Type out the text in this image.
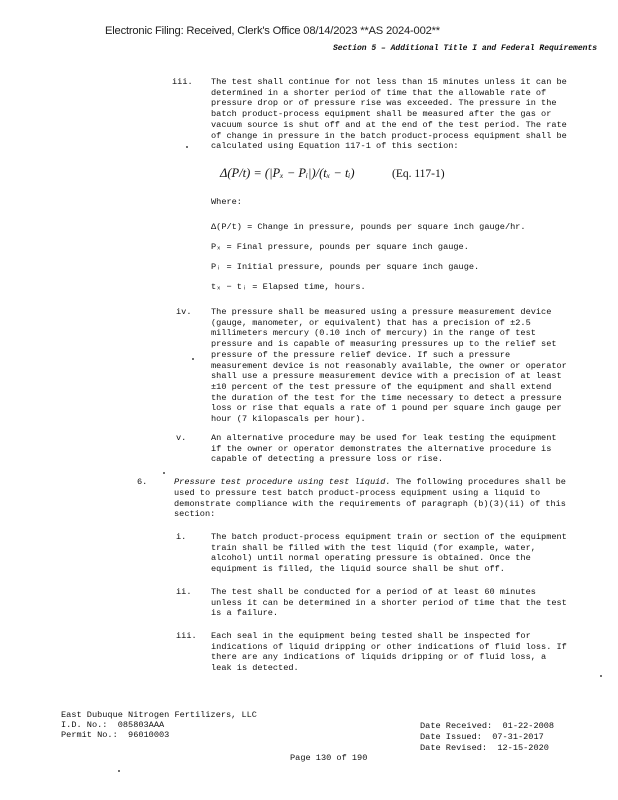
Electronic Filing: Received, Clerk's Office 08/14/2023 **AS 2024-002**
Section 5 – Additional Title I and Federal Requirements
iii. The test shall continue for not less than 15 minutes unless it can be
determined in a shorter period of time that the allowable rate of
pressure drop or of pressure rise was exceeded. The pressure in the
batch product-process equipment shall be measured after the gas or
vacuum source is shut off and at the end of the test period. The rate
of change in pressure in the batch product-process equipment shall be
calculated using Equation 117-1 of this section:
Δ(P/t) = (|Pₓ − Pᵢ|)/(tₓ − tᵢ)	(Eq. 117-1)
Where:
Δ(P/t) = Change in pressure, pounds per square inch gauge/hr.
Pₓ = Final pressure, pounds per square inch gauge.
Pᵢ = Initial pressure, pounds per square inch gauge.
tₓ − tᵢ = Elapsed time, hours.
iv. The pressure shall be measured using a pressure measurement device
(gauge, manometer, or equivalent) that has a precision of ±2.5
millimeters mercury (0.10 inch of mercury) in the range of test
pressure and is capable of measuring pressures up to the relief set
pressure of the pressure relief device. If such a pressure
measurement device is not reasonably available, the owner or operator
shall use a pressure measurement device with a precision of at least
±10 percent of the test pressure of the equipment and shall extend
the duration of the test for the time necessary to detect a pressure
loss or rise that equals a rate of 1 pound per square inch gauge per
hour (7 kilopascals per hour).
v.	An alternative procedure may be used for leak testing the equipment
if the owner or operator demonstrates the alternative procedure is
capable of detecting a pressure loss or rise.
6.	Pressure test procedure using test liquid. The following procedures shall be
used to pressure test batch product-process equipment using a liquid to
demonstrate compliance with the requirements of paragraph (b)(3)(ii) of this
section:
i.	The batch product-process equipment train or section of the equipment
train shall be filled with the test liquid (for example, water,
alcohol) until normal operating pressure is obtained. Once the
equipment is filled, the liquid source shall be shut off.
ii. The test shall be conducted for a period of at least 60 minutes
unless it can be determined in a shorter period of time that the test
is a failure.
iii. Each seal in the equipment being tested shall be inspected for
indications of liquid dripping or other indications of fluid loss. If
there are any indications of liquids dripping or of fluid loss, a
leak is detected.
East Dubuque Nitrogen Fertilizers, LLC
I.D. No.:  085803AAA
Permit No.:  96010003
Date Received:  01-22-2008
Date Issued:  07-31-2017
Date Revised:  12-15-2020
Page 130 of 190
